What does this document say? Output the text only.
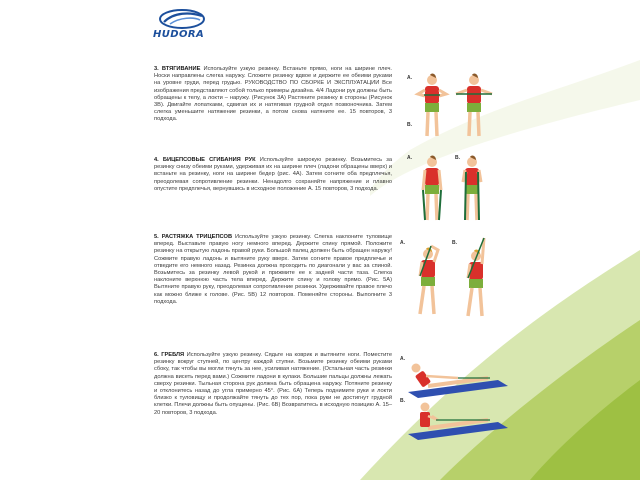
HUDORA
3. ВТЯГИВАНИЕ Используйте узкую резинку. Встаньте прямо, ноги на ширине плеч. Носки направлены слегка наружу. Сложите резинку вдвое и держите ее обеими руками на уровне груди, перед грудью. РУКОВОДСТВО ПО СБОРКЕ И ЭКСПЛУАТАЦИИ Все изображения представляют собой только примеры дизайна. 4/4 Ладони рук должны быть обращены к телу, а локти – наружу. (Рисунок 3А) Растяните резинку в стороны (Рисунок 3В). Двигайте лопатками, сдвигая их и натягивая грудной отдел позвоночника. Затем слегка уменьшите натяжение резинки, а потом снова натяните ее. 15 повторов, 3 подхода.
4. БИЦЕПСОВЫЕ СГИБАНИЯ РУК Используйте широкую резинку. Возьмитесь за резинку снизу обеими руками, удерживая их на ширине плеч (ладони обращены вверх) и встаньте на резинку, ноги на ширине бедер (рис. 4А). Затем согните оба предплечья, преодолевая сопротивление резинки. Ненадолго сохраняйте напряжение и плавно опустите предплечья, вернувшись в исходное положение А. 15 повторов, 3 подхода.
5. РАСТЯЖКА ТРИЦЕПСОВ Используйте узкую резинку. Слегка наклоните туловище вперед. Выставьте правую ногу немного вперед. Держите спину прямой. Положите резинку на открытую ладонь правой руки. Большой палец должен быть обращен наружу! Сожмите правую ладонь и вытяните руку вверх. Затем согните правое предплечье и отведите его немного назад. Резинка должна проходить по диагонали у вас за спиной. Возьмитесь за резинку левой рукой и прижмите ее к задней части таза. Слегка наклоните верхнюю часть тела вперед. Держите спину и голову прямо. (Рис. 5А) Вытяните правую руку, преодолевая сопротивление резинки. Удерживайте правое плечо как можно ближе к голове. (Рис. 5В) 12 повторов. Поменяйте стороны. Выполните 3 подхода.
6. ГРЕБЛЯ Используйте узкую резинку. Сядьте на коврик и вытяните ноги. Поместите резинку вокруг ступней, по центру каждой ступни. Возьмите резинку обеими руками сбоку, так чтобы вы могли тянуть за нее, усиливая натяжение. (Остальная часть резинки должна висеть перед вами.) Сожмите ладони в кулаки. Большие пальцы должны лежать сверху резинки. Тыльная сторона рук должна быть обращена наружу. Потяните резинку и отклонитесь назад до угла примерно 45°. (Рис. 6А) Теперь поднимите руки и локти близко к туловищу и продолжайте тянуть до тех пор, пока руки не достигнут грудной клетки. Плечи должны быть опущены. (Рис. 6В) Возвратитесь в исходную позицию А. 15–20 повторов, 3 подхода.
A.
B.
A.	B.
A.	B.
A.
B.
